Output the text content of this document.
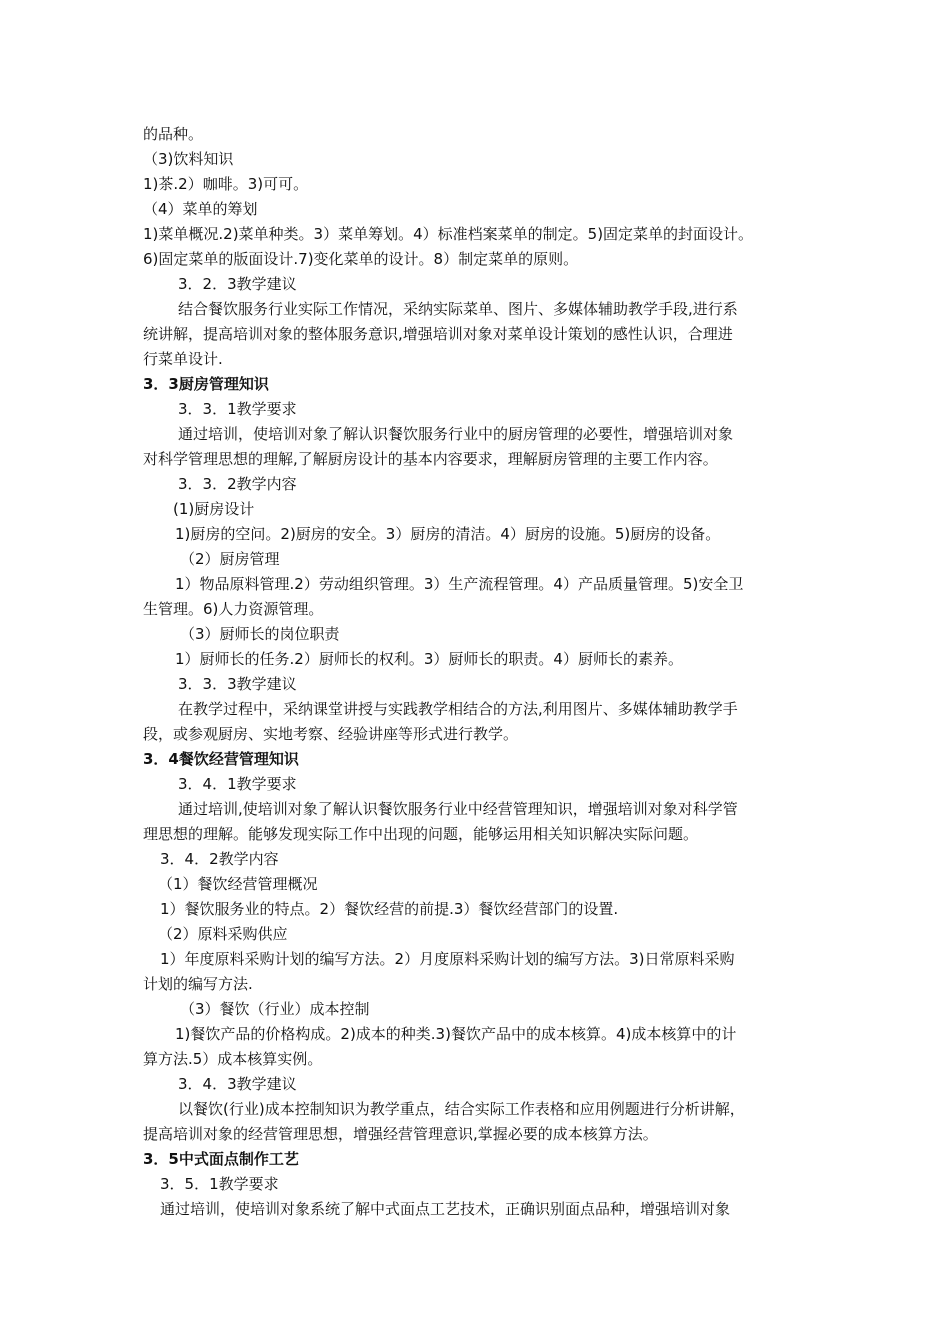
的品种。
（3)饮料知识
1)茶.2）咖啡。3)可可。
（4）菜单的筹划
1)菜单概况.2)菜单种类。3）菜单筹划。4）标准档案菜单的制定。5)固定菜单的封面设计。
6)固定菜单的版面设计.7)变化菜单的设计。8）制定菜单的原则。
3．2．3教学建议
结合餐饮服务行业实际工作情况，采纳实际菜单、图片、多媒体辅助教学手段,进行系
统讲解，提高培训对象的整体服务意识,增强培训对象对菜单设计策划的感性认识，合理进
行菜单设计.
3．3厨房管理知识
3．3．1教学要求
通过培训，使培训对象了解认识餐饮服务行业中的厨房管理的必要性，增强培训对象
对科学管理思想的理解,了解厨房设计的基本内容要求，理解厨房管理的主要工作内容。
3．3．2教学内容
(1)厨房设计
1)厨房的空问。2)厨房的安全。3）厨房的清洁。4）厨房的设施。5)厨房的设备。
（2）厨房管理
1）物品原料管理.2）劳动组织管理。3）生产流程管理。4）产品质量管理。5)安全卫
生管理。6)人力资源管理。
（3）厨师长的岗位职责
1）厨师长的任务.2）厨师长的权利。3）厨师长的职责。4）厨师长的素养。
3．3．3教学建议
在教学过程中，采纳课堂讲授与实践教学相结合的方法,利用图片、多媒体辅助教学手
段，或参观厨房、实地考察、经验讲座等形式进行教学。
3．4餐饮经营管理知识
3．4．1教学要求
通过培训,使培训对象了解认识餐饮服务行业中经营管理知识，增强培训对象对科学管
理思想的理解。能够发现实际工作中出现的问题，能够运用相关知识解决实际问题。
3．4．2教学内容
（1）餐饮经营管理概况
1）餐饮服务业的特点。2）餐饮经营的前提.3）餐饮经营部门的设置.
（2）原料采购供应
1）年度原料采购计划的编写方法。2）月度原料采购计划的编写方法。3)日常原料采购
计划的编写方法.
（3）餐饮（行业）成本控制
1)餐饮产品的价格构成。2)成本的种类.3)餐饮产品中的成本核算。4)成本核算中的计
算方法.5）成本核算实例。
3．4．3教学建议
以餐饮(行业)成本控制知识为教学重点，结合实际工作表格和应用例题进行分析讲解，
提高培训对象的经营管理思想，增强经营管理意识,掌握必要的成本核算方法。
3．5中式面点制作工艺
3．5．1教学要求
通过培训，使培训对象系统了解中式面点工艺技术，正确识别面点品种，增强培训对象
